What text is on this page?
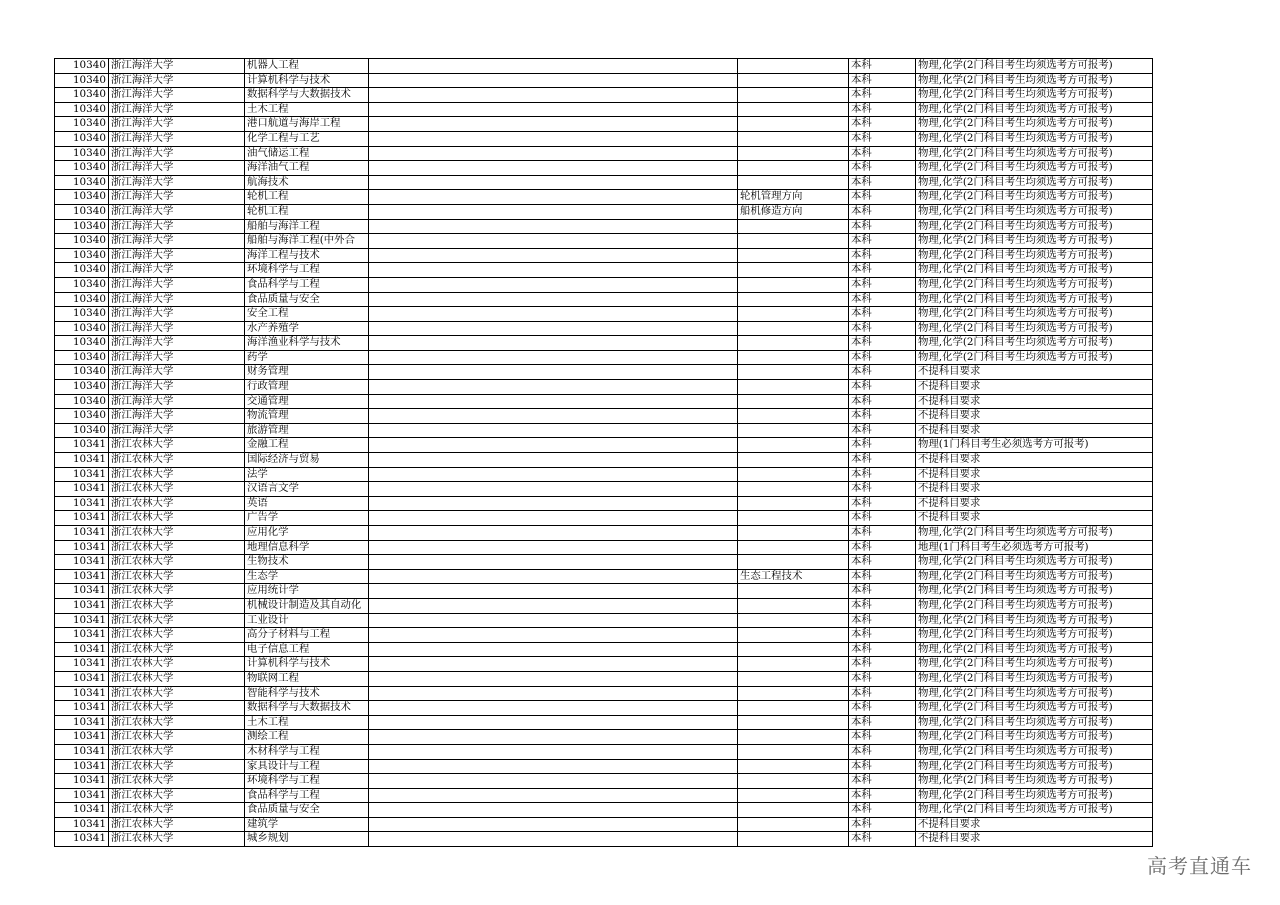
10340	浙江海洋大学	机器人工程			本科	物理,化学(2门科目考生均须选考方可报考)
10340	浙江海洋大学	计算机科学与技术			本科	物理,化学(2门科目考生均须选考方可报考)
10340	浙江海洋大学	数据科学与大数据技术			本科	物理,化学(2门科目考生均须选考方可报考)
10340	浙江海洋大学	土木工程			本科	物理,化学(2门科目考生均须选考方可报考)
10340	浙江海洋大学	港口航道与海岸工程			本科	物理,化学(2门科目考生均须选考方可报考)
10340	浙江海洋大学	化学工程与工艺			本科	物理,化学(2门科目考生均须选考方可报考)
10340	浙江海洋大学	油气储运工程			本科	物理,化学(2门科目考生均须选考方可报考)
10340	浙江海洋大学	海洋油气工程			本科	物理,化学(2门科目考生均须选考方可报考)
10340	浙江海洋大学	航海技术			本科	物理,化学(2门科目考生均须选考方可报考)
10340	浙江海洋大学	轮机工程		轮机管理方向	本科	物理,化学(2门科目考生均须选考方可报考)
10340	浙江海洋大学	轮机工程		船机修造方向	本科	物理,化学(2门科目考生均须选考方可报考)
10340	浙江海洋大学	船舶与海洋工程			本科	物理,化学(2门科目考生均须选考方可报考)
10340	浙江海洋大学	船舶与海洋工程(中外合			本科	物理,化学(2门科目考生均须选考方可报考)
10340	浙江海洋大学	海洋工程与技术			本科	物理,化学(2门科目考生均须选考方可报考)
10340	浙江海洋大学	环境科学与工程			本科	物理,化学(2门科目考生均须选考方可报考)
10340	浙江海洋大学	食品科学与工程			本科	物理,化学(2门科目考生均须选考方可报考)
10340	浙江海洋大学	食品质量与安全			本科	物理,化学(2门科目考生均须选考方可报考)
10340	浙江海洋大学	安全工程			本科	物理,化学(2门科目考生均须选考方可报考)
10340	浙江海洋大学	水产养殖学			本科	物理,化学(2门科目考生均须选考方可报考)
10340	浙江海洋大学	海洋渔业科学与技术			本科	物理,化学(2门科目考生均须选考方可报考)
10340	浙江海洋大学	药学			本科	物理,化学(2门科目考生均须选考方可报考)
10340	浙江海洋大学	财务管理			本科	不提科目要求
10340	浙江海洋大学	行政管理			本科	不提科目要求
10340	浙江海洋大学	交通管理			本科	不提科目要求
10340	浙江海洋大学	物流管理			本科	不提科目要求
10340	浙江海洋大学	旅游管理			本科	不提科目要求
10341	浙江农林大学	金融工程			本科	物理(1门科目考生必须选考方可报考)
10341	浙江农林大学	国际经济与贸易			本科	不提科目要求
10341	浙江农林大学	法学			本科	不提科目要求
10341	浙江农林大学	汉语言文学			本科	不提科目要求
10341	浙江农林大学	英语			本科	不提科目要求
10341	浙江农林大学	广告学			本科	不提科目要求
10341	浙江农林大学	应用化学			本科	物理,化学(2门科目考生均须选考方可报考)
10341	浙江农林大学	地理信息科学			本科	地理(1门科目考生必须选考方可报考)
10341	浙江农林大学	生物技术			本科	物理,化学(2门科目考生均须选考方可报考)
10341	浙江农林大学	生态学		生态工程技术	本科	物理,化学(2门科目考生均须选考方可报考)
10341	浙江农林大学	应用统计学			本科	物理,化学(2门科目考生均须选考方可报考)
10341	浙江农林大学	机械设计制造及其自动化			本科	物理,化学(2门科目考生均须选考方可报考)
10341	浙江农林大学	工业设计			本科	物理,化学(2门科目考生均须选考方可报考)
10341	浙江农林大学	高分子材料与工程			本科	物理,化学(2门科目考生均须选考方可报考)
10341	浙江农林大学	电子信息工程			本科	物理,化学(2门科目考生均须选考方可报考)
10341	浙江农林大学	计算机科学与技术			本科	物理,化学(2门科目考生均须选考方可报考)
10341	浙江农林大学	物联网工程			本科	物理,化学(2门科目考生均须选考方可报考)
10341	浙江农林大学	智能科学与技术			本科	物理,化学(2门科目考生均须选考方可报考)
10341	浙江农林大学	数据科学与大数据技术			本科	物理,化学(2门科目考生均须选考方可报考)
10341	浙江农林大学	土木工程			本科	物理,化学(2门科目考生均须选考方可报考)
10341	浙江农林大学	测绘工程			本科	物理,化学(2门科目考生均须选考方可报考)
10341	浙江农林大学	木材科学与工程			本科	物理,化学(2门科目考生均须选考方可报考)
10341	浙江农林大学	家具设计与工程			本科	物理,化学(2门科目考生均须选考方可报考)
10341	浙江农林大学	环境科学与工程			本科	物理,化学(2门科目考生均须选考方可报考)
10341	浙江农林大学	食品科学与工程			本科	物理,化学(2门科目考生均须选考方可报考)
10341	浙江农林大学	食品质量与安全			本科	物理,化学(2门科目考生均须选考方可报考)
10341	浙江农林大学	建筑学			本科	不提科目要求
10341	浙江农林大学	城乡规划			本科	不提科目要求
高考直通车
